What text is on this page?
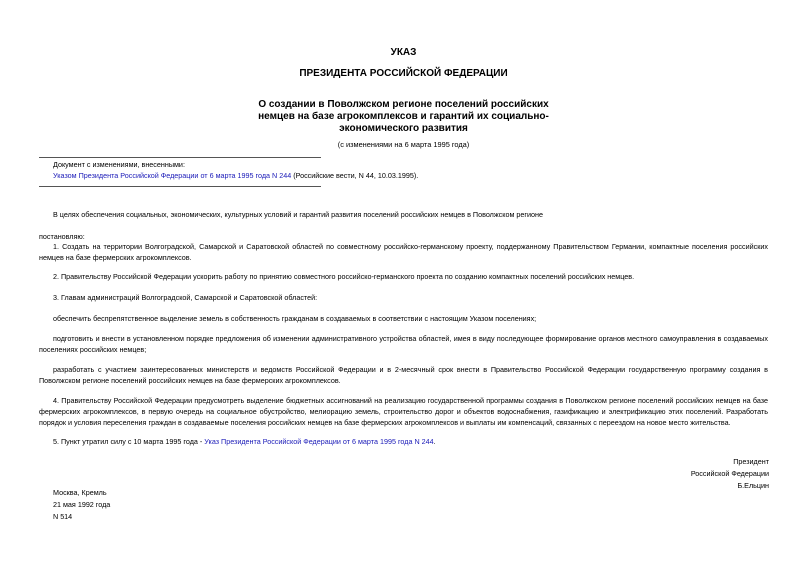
УКАЗ
ПРЕЗИДЕНТА РОССИЙСКОЙ ФЕДЕРАЦИИ
О создании в Поволжском регионе поселений российских
немцев на базе агрокомплексов и гарантий их социально-
экономического развития
(с изменениями на 6 марта 1995 года)
Документ с изменениями, внесенными:
Указом Президента Российской Федерации от 6 марта 1995 года N 244 (Российские вести, N 44, 10.03.1995).
В целях обеспечения социальных, экономических, культурных условий и гарантий развития поселений российских немцев в Поволжском регионе
постановляю:
1. Создать на территории Волгоградской, Самарской и Саратовской областей по совместному российско-германскому проекту, поддержанному Правительством Германии, компактные поселения российских немцев на базе фермерских агрокомплексов.
2. Правительству Российской Федерации ускорить работу по принятию совместного российско-германского проекта по созданию компактных поселений российских немцев.
3. Главам администраций Волгоградской, Самарской и Саратовской областей:
обеспечить беспрепятственное выделение земель в собственность гражданам в создаваемых в соответствии с настоящим Указом поселениях;
подготовить и внести в установленном порядке предложения об изменении административного устройства областей, имея в виду последующее формирование органов местного самоуправления в создаваемых поселениях российских немцев;
разработать с участием заинтересованных министерств и ведомств Российской Федерации и в 2-месячный срок внести в Правительство Российской Федерации государственную программу создания в Поволжском регионе поселений российских немцев на базе фермерских агрокомплексов.
4. Правительству Российской Федерации предусмотреть выделение бюджетных ассигнований на реализацию государственной программы создания в Поволжском регионе поселений российских немцев на базе фермерских агрокомплексов, в первую очередь на социальное обустройство, мелиорацию земель, строительство дорог и объектов водоснабжения, газификацию и электрификацию этих поселений. Разработать порядок и условия переселения граждан в создаваемые поселения российских немцев на базе фермерских агрокомплексов и выплаты им компенсаций, связанных с переездом на новое место жительства.
5. Пункт утратил силу с 10 марта 1995 года - Указ Президента Российской Федерации от 6 марта 1995 года N 244.
Президент
Российской Федерации
Б.Ельцин
Москва, Кремль
21 мая 1992 года
N 514
